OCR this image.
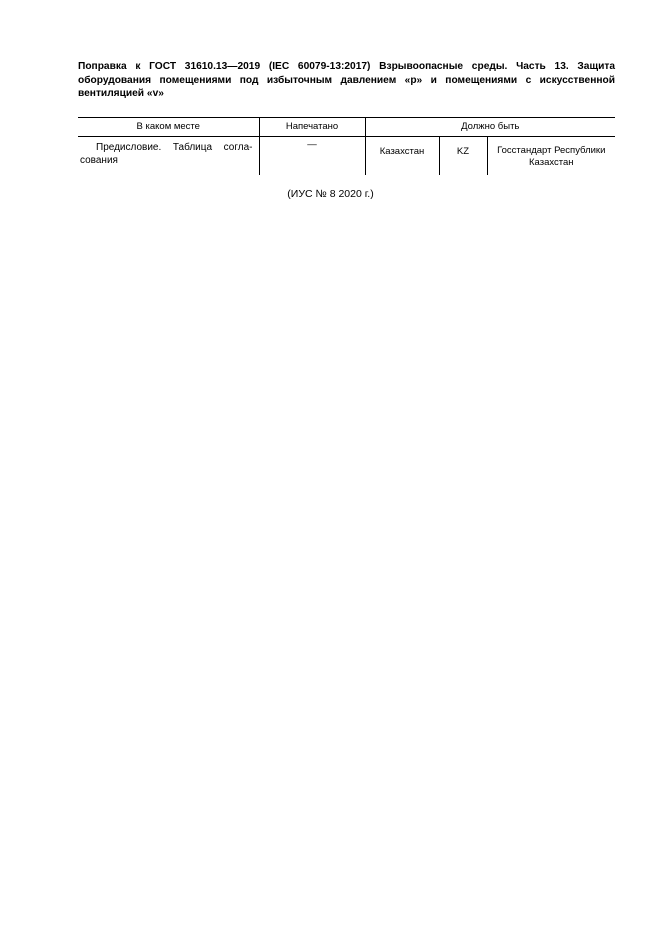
Поправка к ГОСТ 31610.13—2019 (IEC 60079-13:2017) Взрывоопасные среды. Часть 13. Защита оборудования помещениями под избыточным давлением «р» и помещениями с искусственной вентиляцией «v»
В каком месте	Напечатано	Должно быть		
Предисловие. Таблица согласования	—	Казахстан	KZ	Госстандарт Республики Казахстан
(ИУС № 8 2020 г.)
